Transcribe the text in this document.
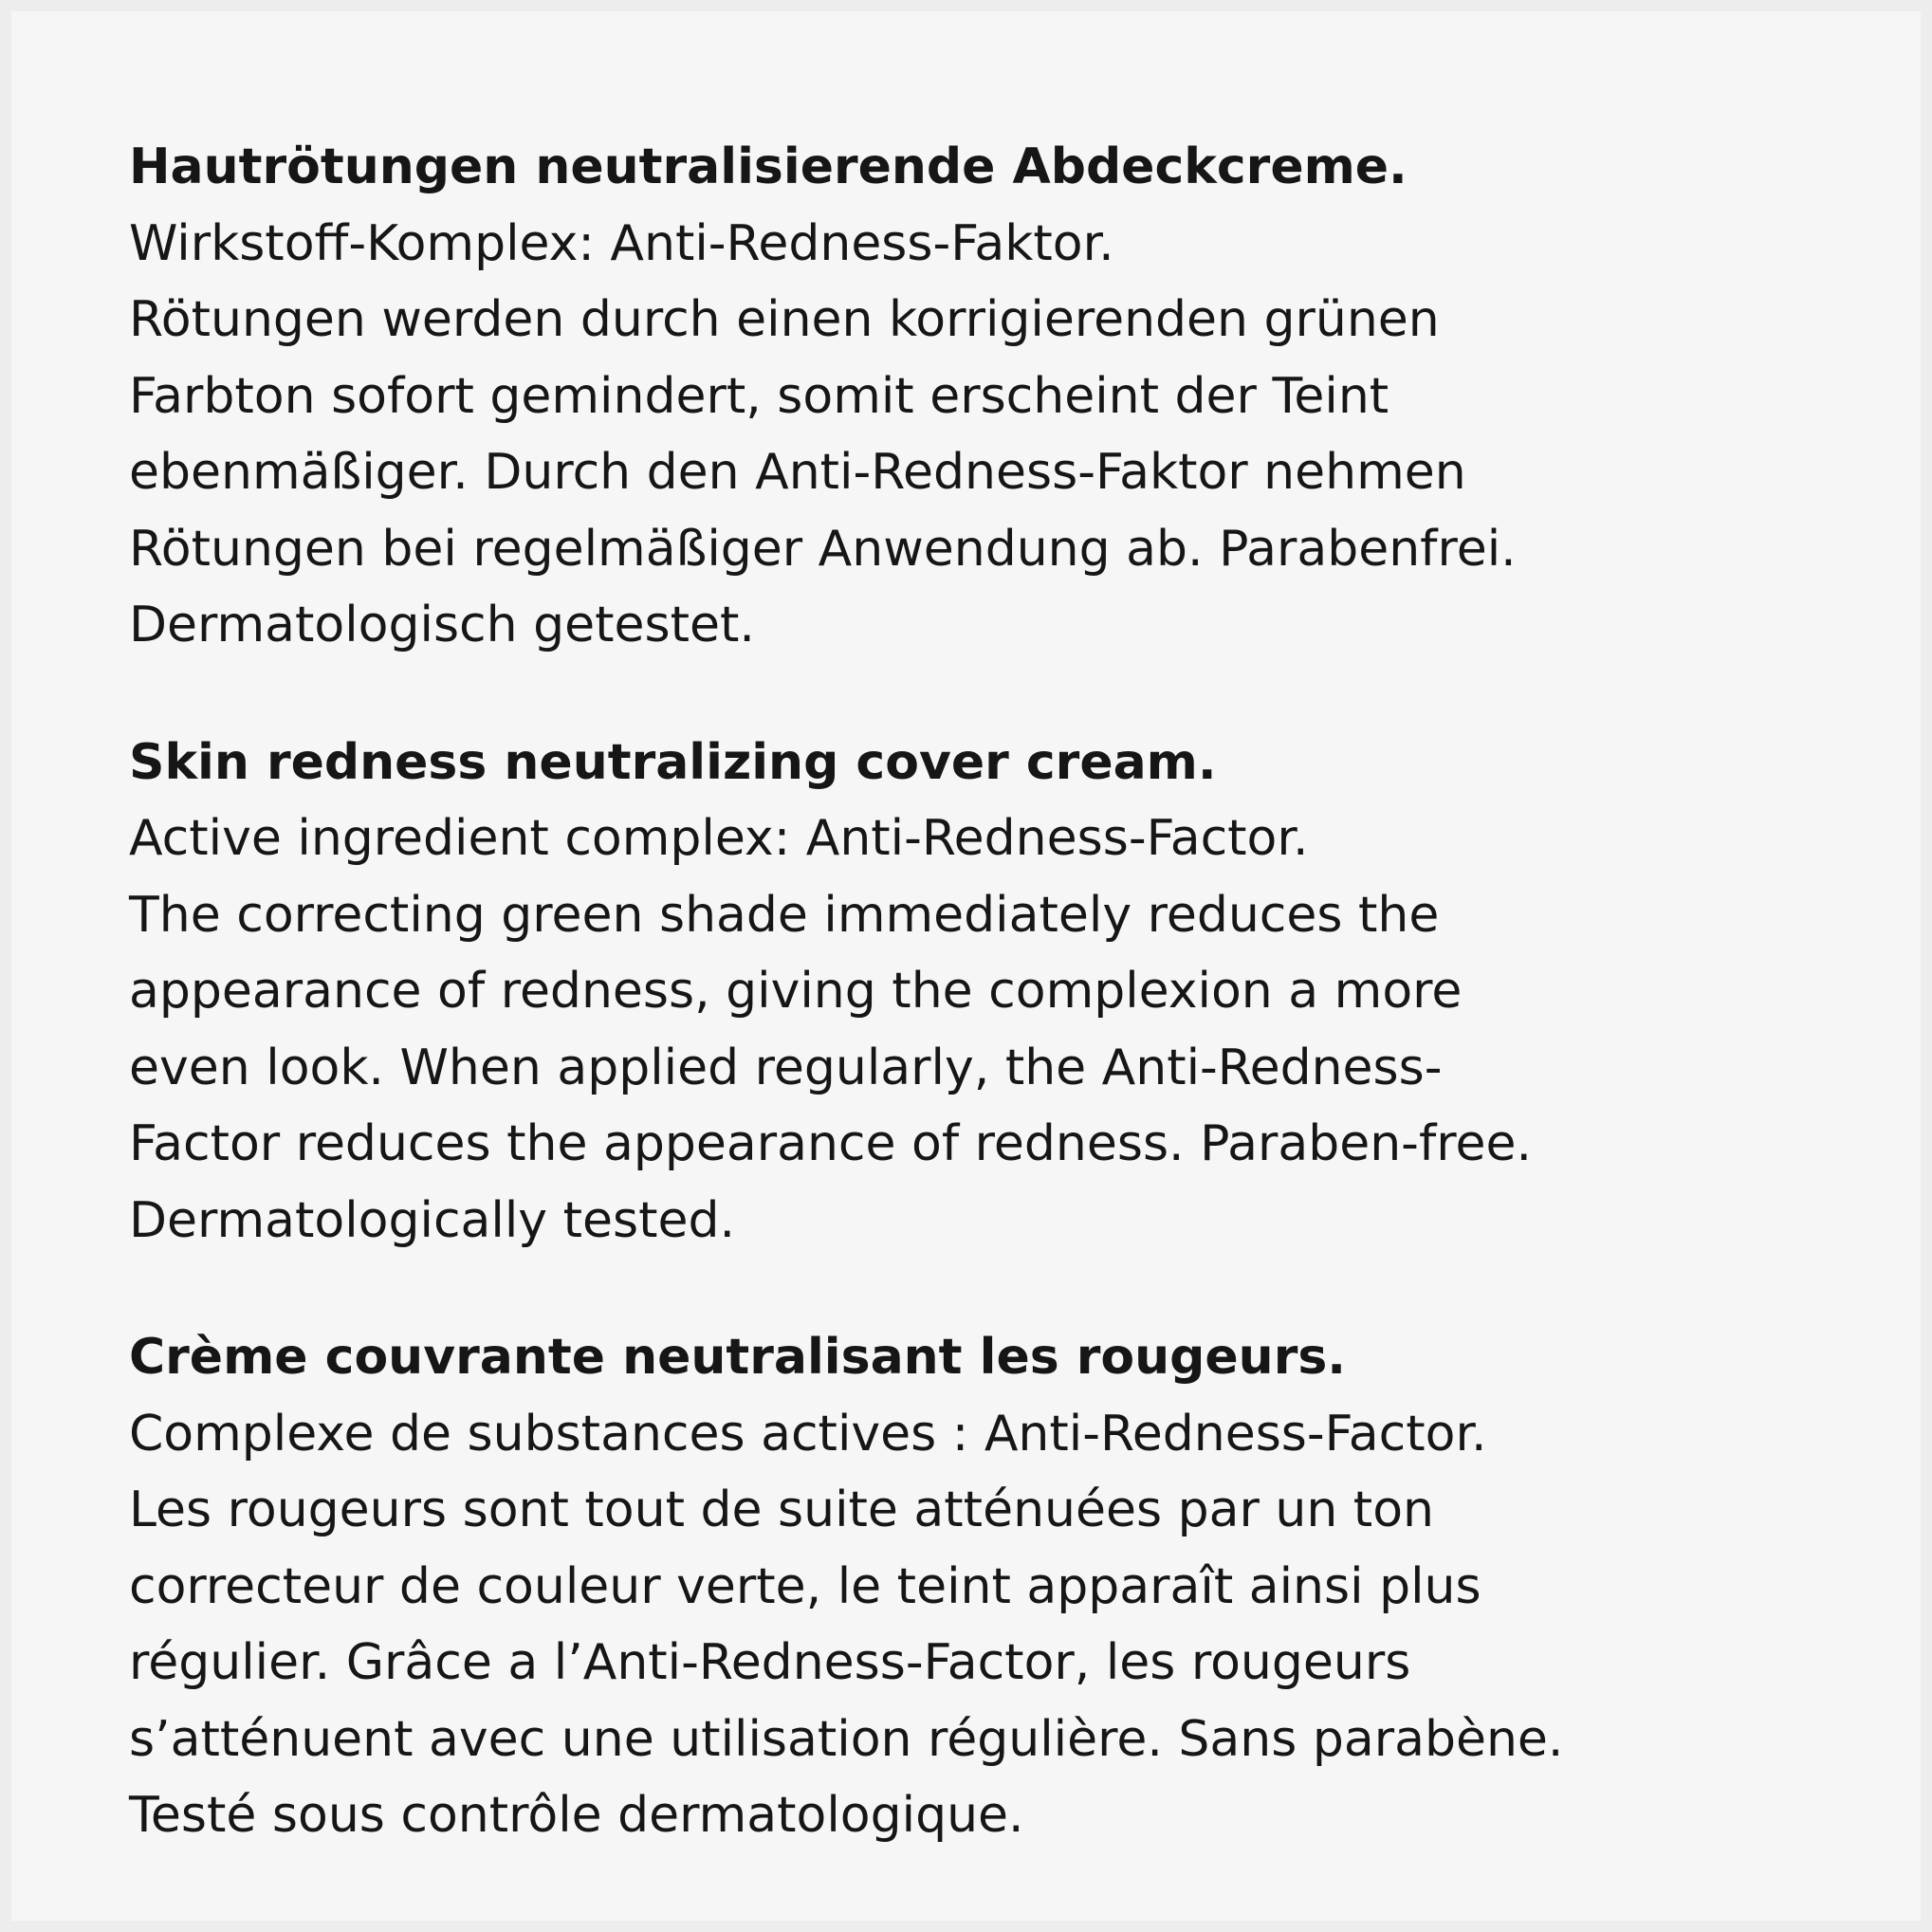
Hautrötungen neutralisierende Abdeckcreme.
Wirkstoff-Komplex: Anti-Redness-Faktor.
Rötungen werden durch einen korrigierenden grünen
Farbton sofort gemindert, somit erscheint der Teint
ebenmäßiger. Durch den Anti-Redness-Faktor nehmen
Rötungen bei regelmäßiger Anwendung ab. Parabenfrei.
Dermatologisch getestet.
Skin redness neutralizing cover cream.
Active ingredient complex: Anti-Redness-Factor.
The correcting green shade immediately reduces the
appearance of redness, giving the complexion a more
even look. When applied regularly, the Anti-Redness-
Factor reduces the appearance of redness. Paraben-free.
Dermatologically tested.
Crème couvrante neutralisant les rougeurs.
Complexe de substances actives : Anti-Redness-Factor.
Les rougeurs sont tout de suite atténuées par un ton
correcteur de couleur verte, le teint apparaît ainsi plus
régulier. Grâce a l’Anti-Redness-Factor, les rougeurs
s’atténuent avec une utilisation régulière. Sans parabène.
Testé sous contrôle dermatologique.
